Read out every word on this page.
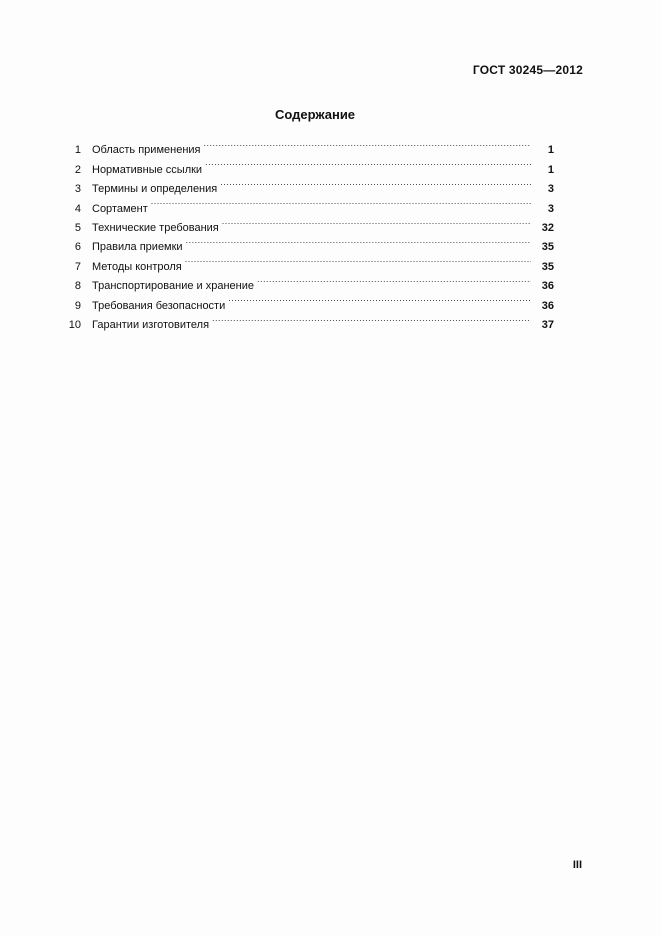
ГОСТ 30245—2012
Содержание
1 Область применения .....	1
2 Нормативные ссылки .....	1
3 Термины и определения .....	3
4 Сортамент .....	3
5 Технические требования .....	32
6 Правила приемки .....	35
7 Методы контроля .....	35
8 Транспортирование и хранение .....	36
9 Требования безопасности .....	36
10 Гарантии изготовителя .....	37
III
